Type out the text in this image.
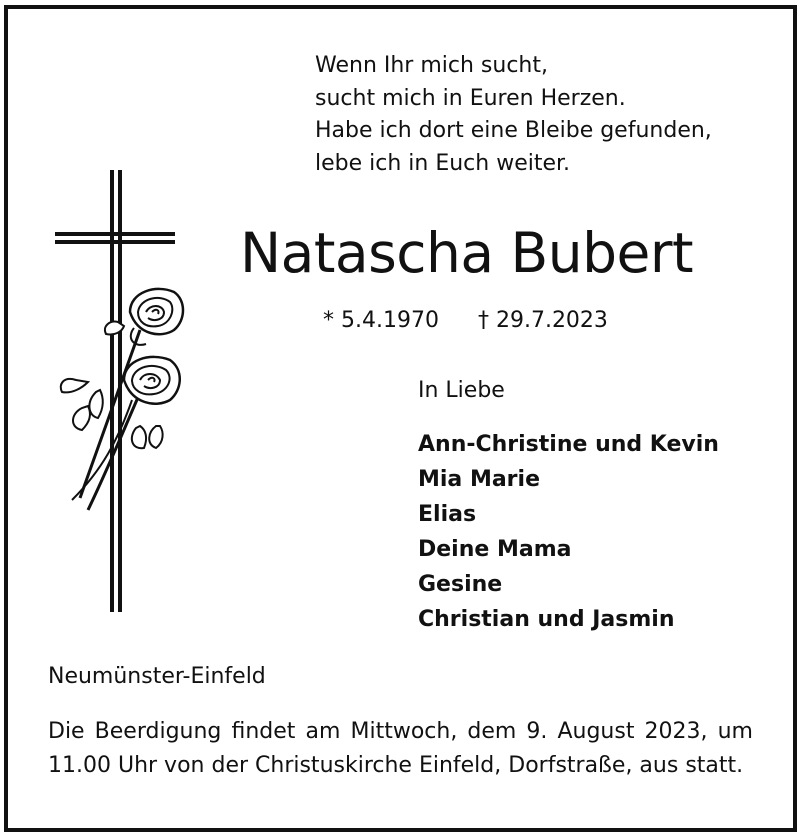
Wenn Ihr mich sucht,
sucht mich in Euren Herzen.
Habe ich dort eine Bleibe gefunden,
lebe ich in Euch weiter.
Natascha Bubert
* 5.4.1970 † 29.7.2023
In Liebe
Ann-Christine und Kevin
Mia Marie
Elias
Deine Mama
Gesine
Christian und Jasmin
Neumünster-Einfeld

Die Beerdigung findet am Mittwoch, dem 9. August 2023, um 11.00 Uhr von der Christuskirche Einfeld, Dorfstraße, aus statt.
